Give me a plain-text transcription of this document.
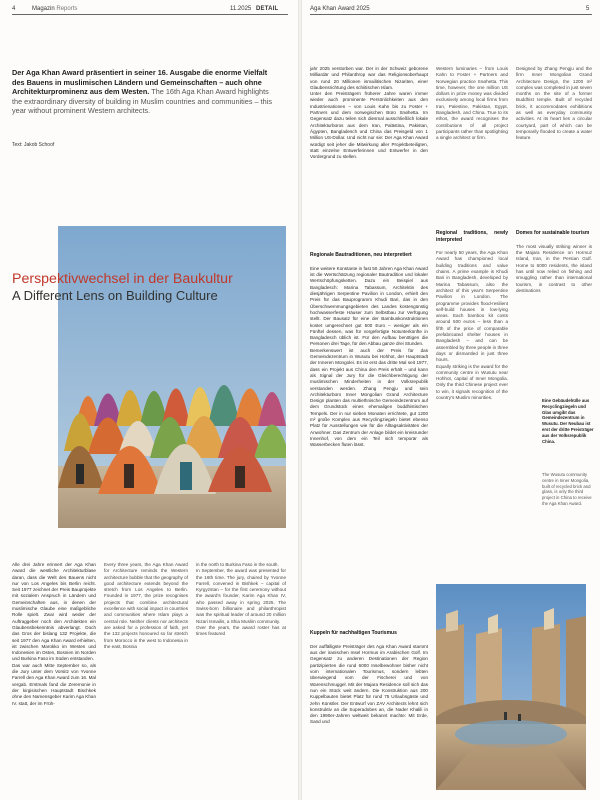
4	Magazin Reports	11.2025 DETAIL
Der Aga Khan Award präsentiert in seiner 16. Ausgabe die enorme Vielfalt des Bauens in muslimischen Ländern und Gemeinschaften – auch ohne Architekturprominenz aus dem Westen. The 16th Aga Khan Award highlights the extraordinary diversity of building in Muslim countries and communities – this year without prominent Western architects.
Text: Jakob Schoof
Perspektivwechsel in der Baukultur
A Different Lens on Building Culture
Alle drei Jahre erinnert der Aga Khan Award die westliche Architekturblase daran, dass die Welt des Bauens nicht nur von Los Angeles bis Berlin reicht. Seit 1977 zeichnet der Preis Bauprojekte mit sozialem Anspruch in Ländern und Gemeinschaften aus, in denen der muslimische Glaube eine maßgebliche Rolle spielt. Zwar wird weder der Auftraggeber noch den Architekten ein Glaubensbekenntnis abverlangt. Doch das Gros der bislang 132 Projekte, die seit 1977 den Aga Khan Award erhielten, ist zwischen Marokko im Westen und Indonesien im Osten, Bosnien im Norden und Burkina Faso im Süden entstanden.
Das war auch Mitte September so, als die Jury unter dem Vorsitz von Yvonne Farrell den Aga Khan Award zum 16. Mal vergab. Erstmals fand die Zeremonie in der kirgisischen Hauptstadt Bischkek ohne den Namensgeber Karim Aga Khan IV. statt, der im Früh-
Every three years, the Aga Khan Award for Architecture reminds the Western architecture bubble that the geography of good architecture extends beyond the stretch from Los Angeles to Berlin. Founded in 1977, the prize recognises projects that combine architectural excellence with social impact in countries and communities where Islam plays a central role. Neither clients nor architects are asked for a profession of faith, yet the 132 projects honoured so far stretch from Morocco in the west to Indonesia in the east, Bosnia
in the north to Burkina Faso in the south.
In September, the award was presented for the 16th time. The jury, chaired by Yvonne Farrell, convened in Bishkek – capital of Kyrgyzstan – for the first ceremony without the award's founder, Karim Aga Khan IV, who passed away in spring 2025. The Swiss-born billionaire and philanthropist was the spiritual leader of around 20 million Nizari Ismailis, a Shia Muslim community.
Over the years, the award roster has at times featured
Aga Khan Award 2025	5
jahr 2025 verstorben war. Der in der Schweiz geborene Milliardär und Philanthrop war das Religionsoberhaupt von rund 20 Millionen ismailitischen Nizariten, einer Glaubensrichtung des schiitischen Islam.
Unter den Preisträgern früherer Jahre waren immer wieder auch prominente Persönlichkeiten aus den Industrienationen – von Louis Kahn bis zu Foster + Partners und dem norwegischen Büro Snøhetta. Im Gegensatz dazu teilen sich diesmal ausschließlich lokale Architekturbüros aus dem Iran, Palästina, Pakistan, Ägypten, Bangladesch und China das Preisgeld von 1 Million US-Dollar. Und nicht nur sie: Der Aga Khan Award würdigt seit jeher die Mitwirkung aller Projektbeteiligten, statt einzelne Entwerferinnen und Entwerfer in den Vordergrund zu stellen.

Regionale Bautraditionen, neu interpretiert

Eine weitere Konstante in fast 50 Jahren Aga Khan Award ist die Wertschätzung regionaler Bautradition und lokaler Wertschöpfungsketten. Dazu ein Beispiel aus Bangladesch: Marina Tabassum, Architektin des diesjährigen Serpentine Pavilion in London, erhielt den Preis für das Bauprogramm Khudi Bari, das in den Überschwemmungsgebieten des Landes kostengünstig hochwasserfeste Häuser zum Selbstbau zur Verfügung stellt. Der Bausatz für eine der Bambuskonstruktionen kostet umgerechnet gut 500 Euro – weniger als ein Fünftel dessen, was für vorgefertigte Notunterkünfte in Bangladesch üblich ist. Für den Aufbau benötigen die Personen drei Tage, für den Abbau ganze drei Stunden.
Bemerkenswert ist auch der Preis für das Gemeindezentrum in Wusutu bei Hohhot, der Hauptstadt der Inneren Mongolei. Es ist erst das dritte Mal seit 1977, dass ein Projekt aus China den Preis erhält – und kann als Signal der Jury für die Gleichberechtigung der muslimischen Minderheiten in der Volksrepublik verstanden werden. Zhang Pengju und sein Architekturbüro Inner Mongolian Grand Architecture Design planten das multiethnische Gemeindezentrum auf dem Grundstück eines ehemaligen buddhistischen Tempels. Der in nur sieben Monaten errichtete, gut 1200 m² große Komplex aus Recyclingziegeln bietet ebenso Platz für Ausstellungen wie für die Alltagsaktivitäten der Anwohner. Das Zentrum der Anlage bildet ein kreisrunder Innenhof, von dem ein Teil sich temporär als Wasserbecken fluten lässt.

Kuppeln für nachhaltigen Tourismus

Der auffälligste Preisträger des Aga Khan Award stammt aus der iranischen Insel Hormus im Arabischen Golf. Im Gegensatz zu anderen Destinationen der Region partizipierten die rund 6000 Inselbewohner bisher nicht vom internationalen Tourismus, sondern lebten überwiegend vom der Fischerei und von Warenschmuggel. Mit der Majara Residence soll sich das nun ein Stück weit ändern. Die Konstruktion aus 200 Kuppelbauten bietet Platz für rund 75 Urlaubsgäste und zehn Künstler. Der Entwurf von ZAV Architects lehnt sich konstruktiv an die Superadobes an, die Nader Khalili in den 1990er-Jahren weltweit bekannt machte: Mit Erde, Sand und

Western luminaries – from Louis Kahn to Foster + Partners and Norwegian practice Snøhetta. This time, however, the one million US dollars in prize money was divided exclusively among local firms from Iran, Palestine, Pakistan, Egypt, Bangladesh, and China. True to its ethos, the award recognises the contributions of all project participants rather than spotlighting a single architect or firm.

Regional traditions, newly interpreted

For nearly 50 years, the Aga Khan Award has championed local building traditions and value chains. A prime example is Khudi Bari in Bangladesh, developed by Marina Tabassum, also the architect of this year's Serpentine Pavilion in London. The programme provides flood-resilient self-build houses in low-lying areas. Each bamboo kit costs around 500 euros – less than a fifth of the price of comparable prefabricated shelter houses in Bangladesh – and can be assembled by three people in three days or dismantled in just three hours.
Equally striking is the award for the community centre in Wusutu near Hohhot, capital of Inner Mongolia. Only the third Chinese project ever to win, it signals recognition of the country's Muslim minorities.

Designed by Zhang Pengju and the firm Inner Mongolian Grand Architecture Design, the 1200 m² complex was completed in just seven months on the site of a former Buddhist temple. Built of recycled brick, it accommodates exhibitions as well as everyday community activities. At its heart lies a circular courtyard, part of which can be temporarily flooded to create a water feature.

Domes for sustainable tourism

The most visually striking winner is the Majara Residence on Hormuz Island, Iran, in the Persian Gulf. Home to 6000 residents, the island has until now relied on fishing and smuggling rather than international tourism, in contrast to other destinations

Eine Gebäudehülle aus Recyclingziegeln und Glas umgibt das Gemeindezentrum in Wusutu. Der Neubau ist erst der dritte Preisträger aus der Volksrepublik China.
The Wusutu community centre in Inner Mongolia, built of recycled brick and glass, is only the third project in China to receive the Aga Khan Award.
